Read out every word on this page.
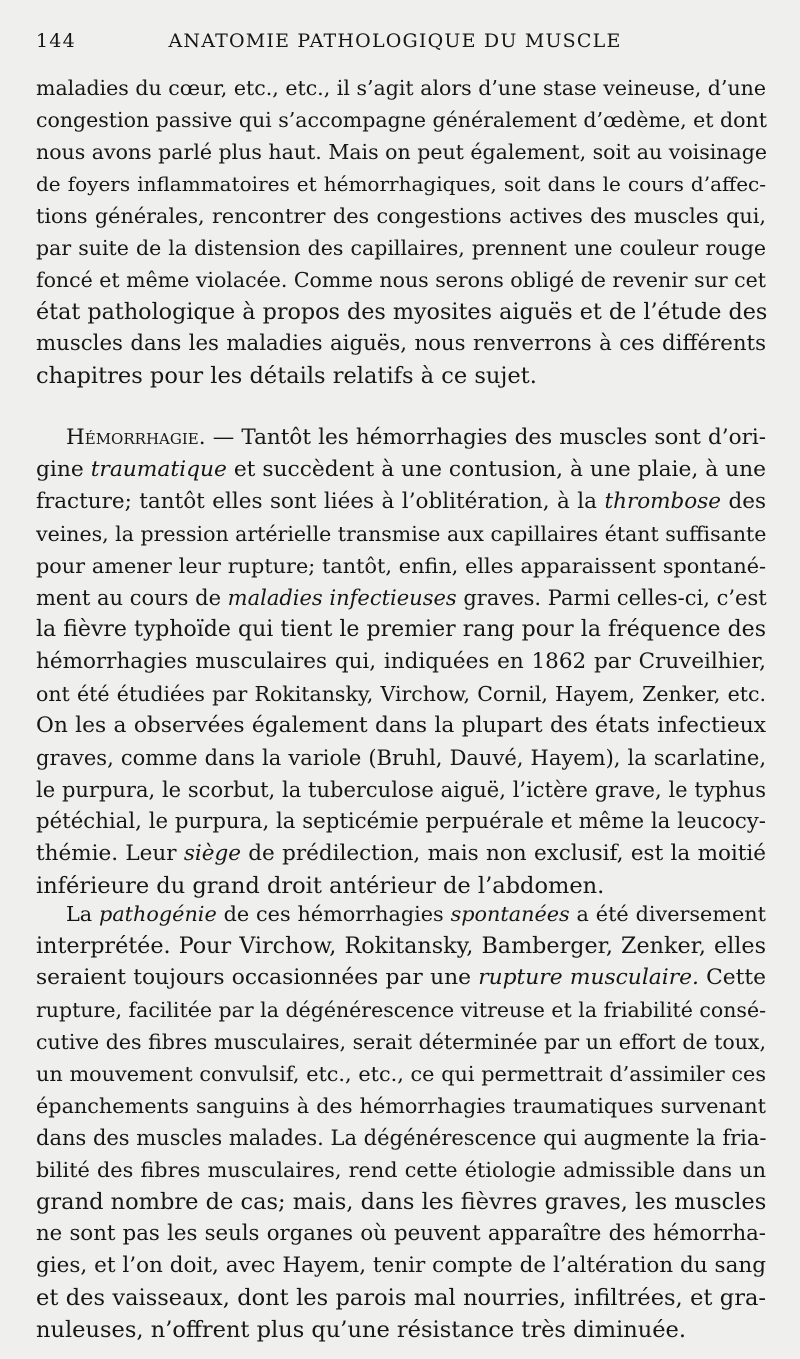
144	ANATOMIE PATHOLOGIQUE DU MUSCLE
maladies du cœur, etc., etc., il s’agit alors d’une stase veineuse, d’une
congestion passive qui s’accompagne généralement d’œdème, et dont
nous avons parlé plus haut. Mais on peut également, soit au voisinage
de foyers inflammatoires et hémorrhagiques, soit dans le cours d’affec-
tions générales, rencontrer des congestions actives des muscles qui,
par suite de la distension des capillaires, prennent une couleur rouge
foncé et même violacée. Comme nous serons obligé de revenir sur cet
état pathologique à propos des myosites aiguës et de l’étude des
muscles dans les maladies aiguës, nous renverrons à ces différents
chapitres pour les détails relatifs à ce sujet.
Hémorrhagie. — Tantôt les hémorrhagies des muscles sont d’ori-
gine traumatique et succèdent à une contusion, à une plaie, à une
fracture; tantôt elles sont liées à l’oblitération, à la thrombose des
veines, la pression artérielle transmise aux capillaires étant suffisante
pour amener leur rupture; tantôt, enfin, elles apparaissent spontané-
ment au cours de maladies infectieuses graves. Parmi celles-ci, c’est
la fièvre typhoïde qui tient le premier rang pour la fréquence des
hémorrhagies musculaires qui, indiquées en 1862 par Cruveilhier,
ont été étudiées par Rokitansky, Virchow, Cornil, Hayem, Zenker, etc.
On les a observées également dans la plupart des états infectieux
graves, comme dans la variole (Bruhl, Dauvé, Hayem), la scarlatine,
le purpura, le scorbut, la tuberculose aiguë, l’ictère grave, le typhus
pétéchial, le purpura, la septicémie perpuérale et même la leucocy-
thémie. Leur siège de prédilection, mais non exclusif, est la moitié
inférieure du grand droit antérieur de l’abdomen.
La pathogénie de ces hémorrhagies spontanées a été diversement
interprétée. Pour Virchow, Rokitansky, Bamberger, Zenker, elles
seraient toujours occasionnées par une rupture musculaire. Cette
rupture, facilitée par la dégénérescence vitreuse et la friabilité consé-
cutive des fibres musculaires, serait déterminée par un effort de toux,
un mouvement convulsif, etc., etc., ce qui permettrait d’assimiler ces
épanchements sanguins à des hémorrhagies traumatiques survenant
dans des muscles malades. La dégénérescence qui augmente la fria-
bilité des fibres musculaires, rend cette étiologie admissible dans un
grand nombre de cas; mais, dans les fièvres graves, les muscles
ne sont pas les seuls organes où peuvent apparaître des hémorrha-
gies, et l’on doit, avec Hayem, tenir compte de l’altération du sang
et des vaisseaux, dont les parois mal nourries, infiltrées, et gra-
nuleuses, n’offrent plus qu’une résistance très diminuée.
